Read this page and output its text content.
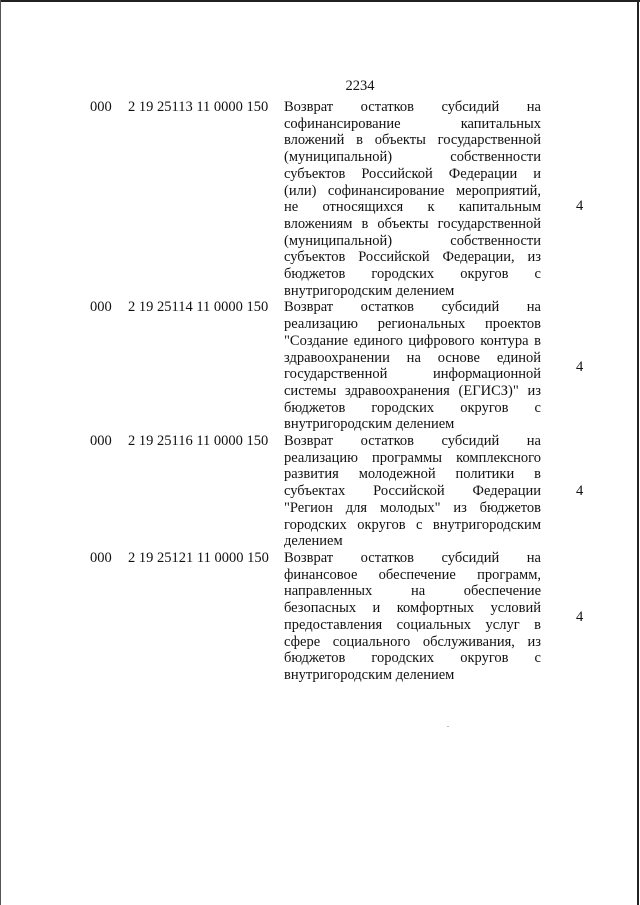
2234
000 2 19 25113 11 0000 150 Возврат остатков субсидий на
софинансирование капитальных
вложений в объекты государственной
(муниципальной) собственности
субъектов Российской Федерации и
(или) софинансирование мероприятий,
не относящихся к капитальным
вложениям в объекты государственной
(муниципальной) собственности
субъектов Российской Федерации, из
бюджетов городских округов с
внутригородским делением
4
000 2 19 25114 11 0000 150 Возврат остатков субсидий на
реализацию региональных проектов
"Создание единого цифрового контура в
здравоохранении на основе единой
государственной информационной
системы здравоохранения (ЕГИСЗ)" из
бюджетов городских округов с
внутригородским делением
4
000 2 19 25116 11 0000 150 Возврат остатков субсидий на
реализацию программы комплексного
развития молодежной политики в
субъектах Российской Федерации
"Регион для молодых" из бюджетов
городских округов с внутригородским
делением
4
000 2 19 25121 11 0000 150 Возврат остатков субсидий на
финансовое обеспечение программ,
направленных на обеспечение
безопасных и комфортных условий
предоставления социальных услуг в
сфере социального обслуживания, из
бюджетов городских округов с
внутригородским делением
4
